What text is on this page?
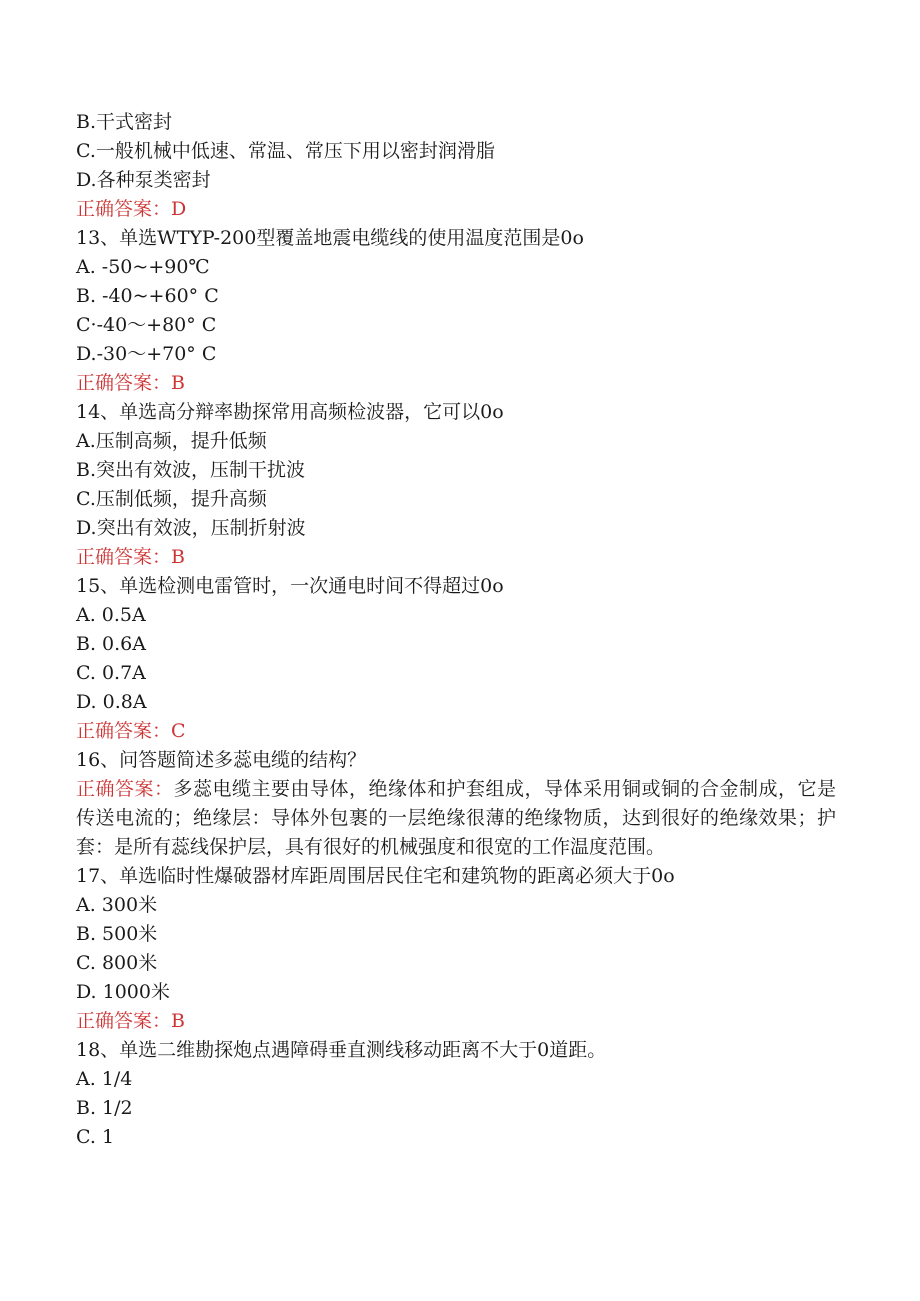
B.干式密封
C.一般机械中低速、常温、常压下用以密封润滑脂
D.各种泵类密封
正确答案：D
13、单选WTYP-200型覆盖地震电缆线的使用温度范围是0o
A. -50~+90℃
B. -40~+60° C
C·-40～+80° C
D.-30～+70° C
正确答案：B
14、单选高分辩率勘探常用高频检波器，它可以0o
A.压制高频，提升低频
B.突出有效波，压制干扰波
C.压制低频，提升高频
D.突出有效波，压制折射波
正确答案：B
15、单选检测电雷管时，一次通电时间不得超过0o
A. 0.5A
B. 0.6A
C. 0.7A
D. 0.8A
正确答案：C
16、问答题简述多蕊电缆的结构？
正确答案：多蕊电缆主要由导体，绝缘体和护套组成，导体采用铜或铜的合金制成，它是传送电流的；绝缘层：导体外包裹的一层绝缘很薄的绝缘物质，达到很好的绝缘效果；护套：是所有蕊线保护层，具有很好的机械强度和很宽的工作温度范围。
17、单选临时性爆破器材库距周围居民住宅和建筑物的距离必须大于0o
A. 300米
B. 500米
C. 800米
D. 1000米
正确答案：B
18、单选二维勘探炮点遇障碍垂直测线移动距离不大于0道距。
A. 1/4
B. 1/2
C. 1
